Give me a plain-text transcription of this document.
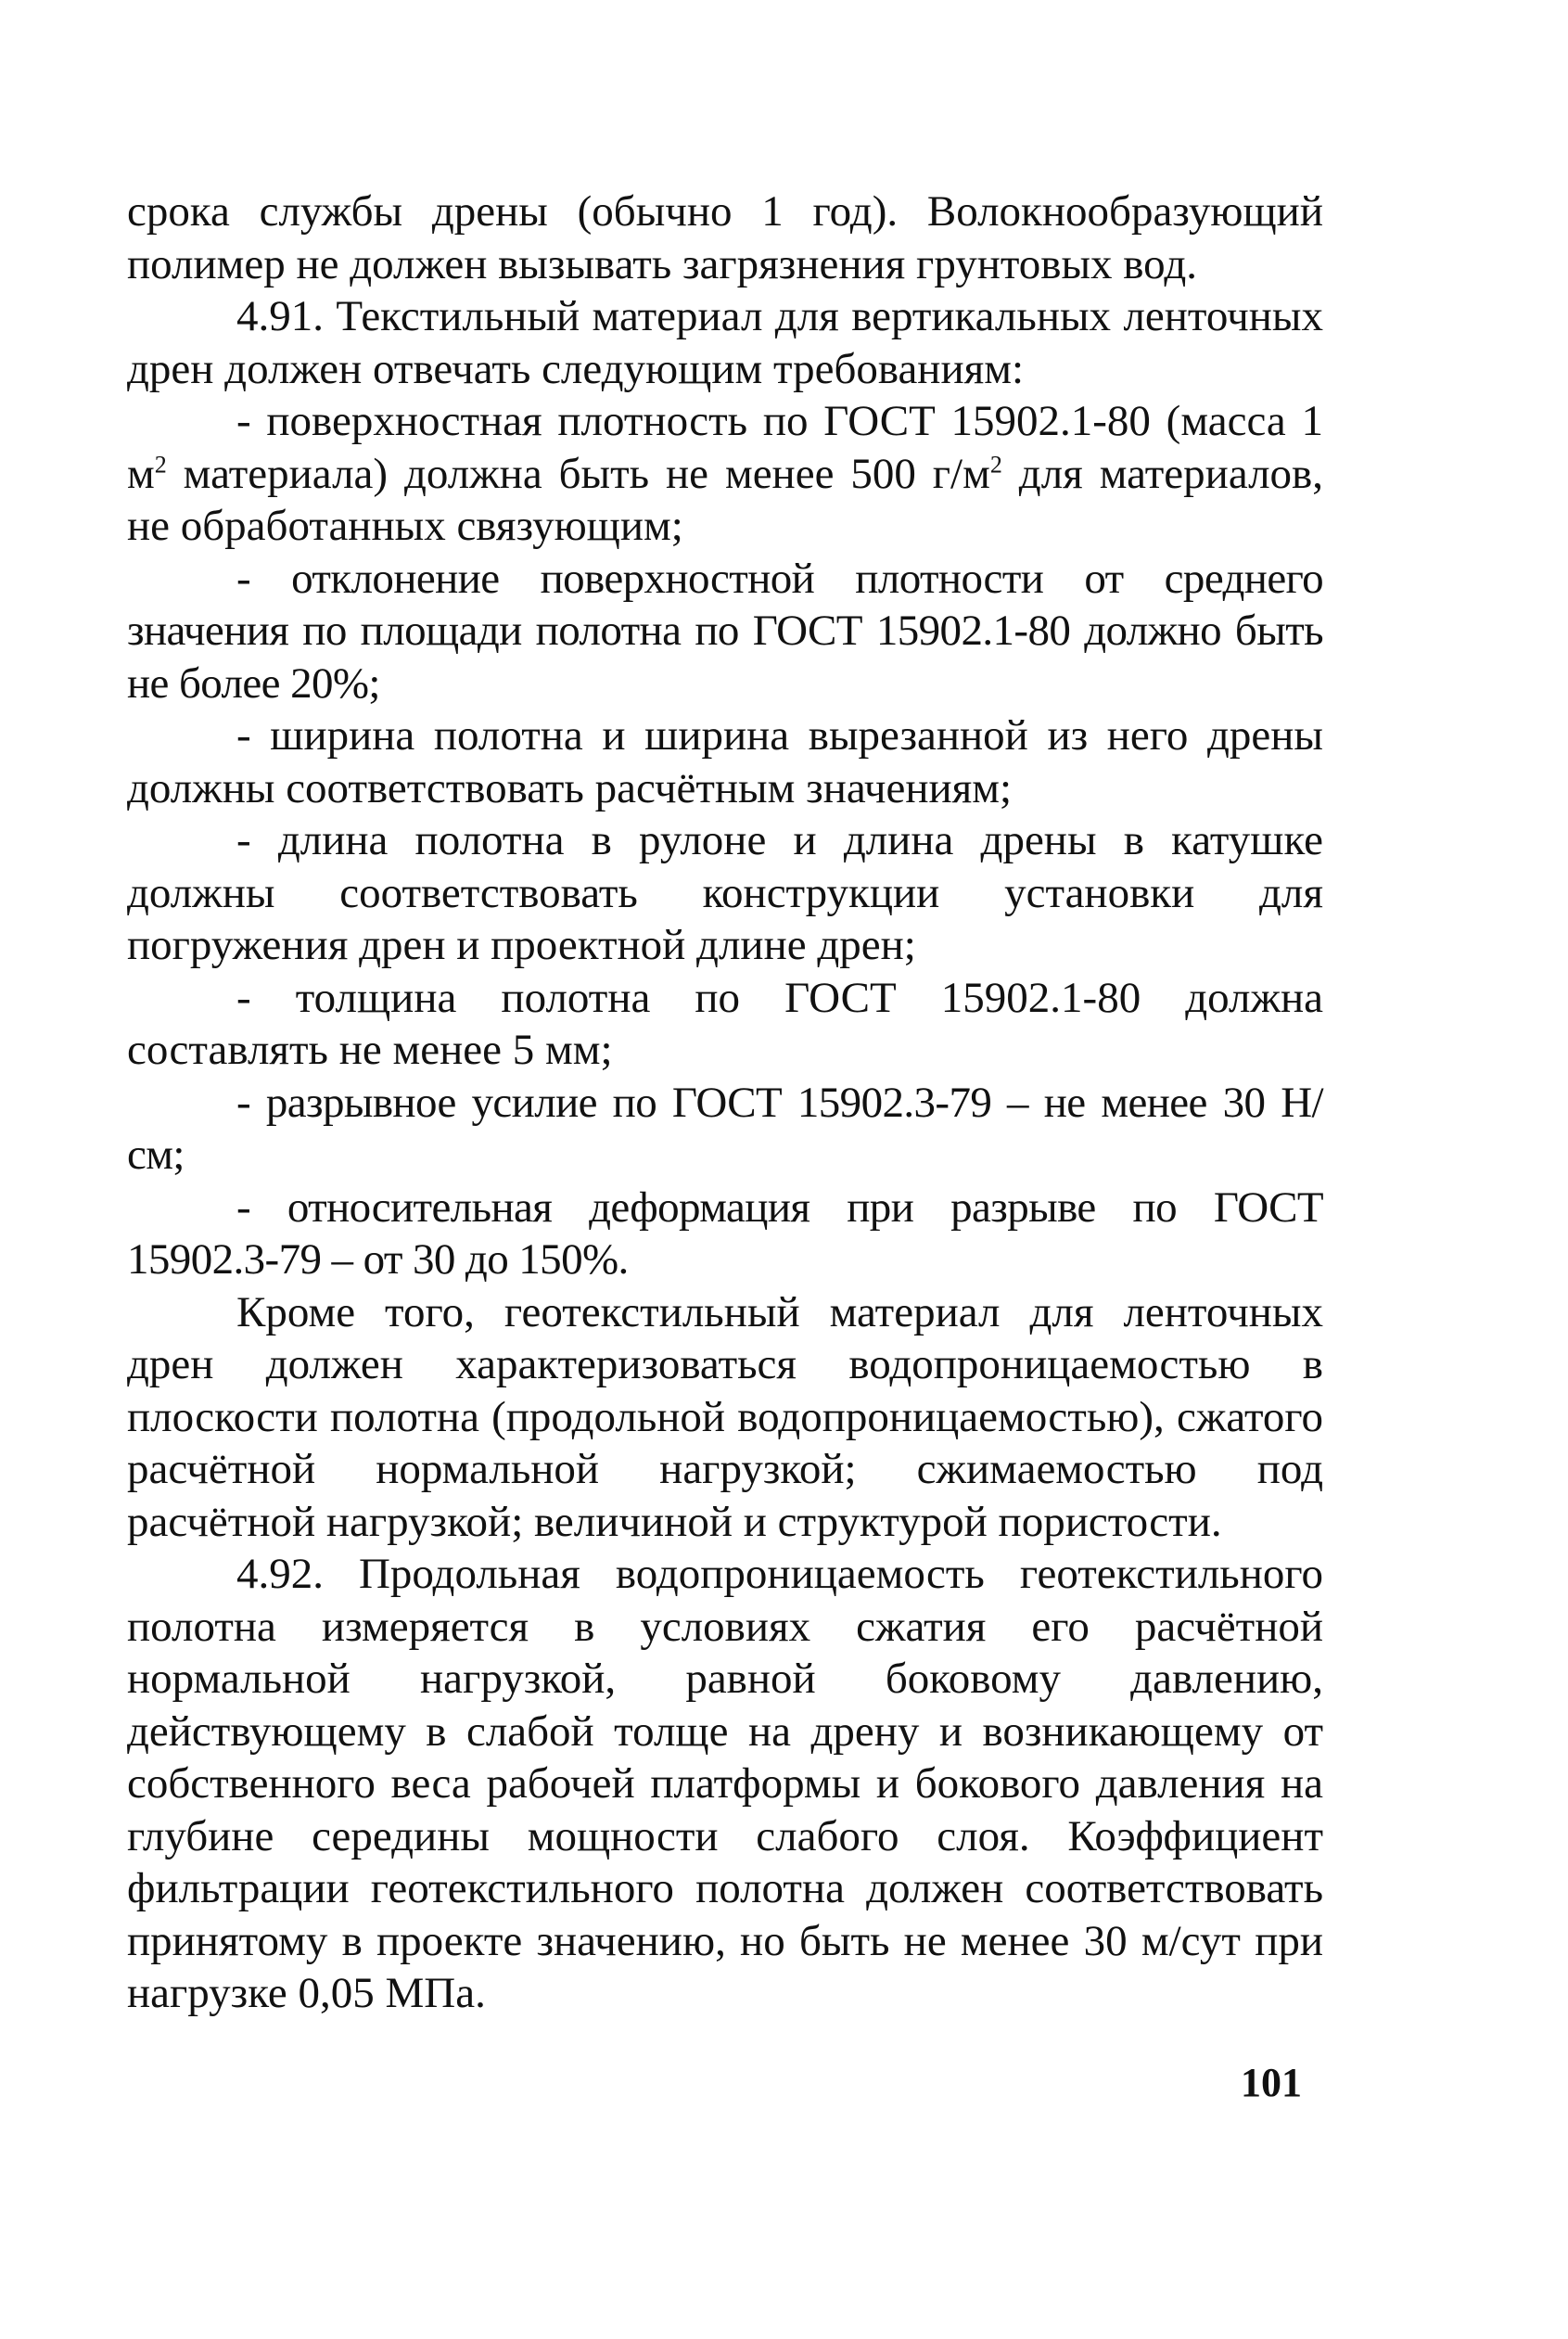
срока службы дрены (обычно 1 год). Волокнообразующий полимер не должен вызывать загрязнения грунтовых вод.

4.91. Текстильный материал для вертикальных ленточных дрен должен отвечать следующим требованиям:

- поверхностная плотность по ГОСТ 15902.1-80 (масса 1 $м^2$ материала) должна быть не менее 500 $г/м^2$ для материалов, не обработанных связующим;

- отклонение поверхностной плотности от среднего значения по площади полотна по ГОСТ 15902.1-80 должно быть не более 20%;

- ширина полотна и ширина вырезанной из него дрены должны соответствовать расчётным значениям;

- длина полотна в рулоне и длина дрены в катушке должны соответствовать конструкции установки для погружения дрен и проектной длине дрен;

- толщина полотна по ГОСТ 15902.1-80 должна составлять не менее 5 мм;

- разрывное усилие по ГОСТ 15902.3-79 – не менее 30 Н/см;

- относительная деформация при разрыве по ГОСТ 15902.3-79 – от 30 до 150%.

Кроме того, геотекстильный материал для ленточных дрен должен характеризоваться водопроницаемостью в плоскости полотна (продольной водопроницаемостью), сжатого расчётной нормальной нагрузкой; сжимаемостью под расчётной нагрузкой; величиной и структурой пористости.

4.92. Продольная водопроницаемость геотекстильного полотна измеряется в условиях сжатия его расчётной нормальной нагрузкой, равной боковому давлению, действующему в слабой толще на дрену и возникающему от собственного веса рабочей платформы и бокового давления на глубине середины мощности слабого слоя. Коэффициент фильтрации геотекстильного полотна должен соответствовать принятому в проекте значению, но быть не менее 30 м/сут при нагрузке 0,05 МПа.

101
